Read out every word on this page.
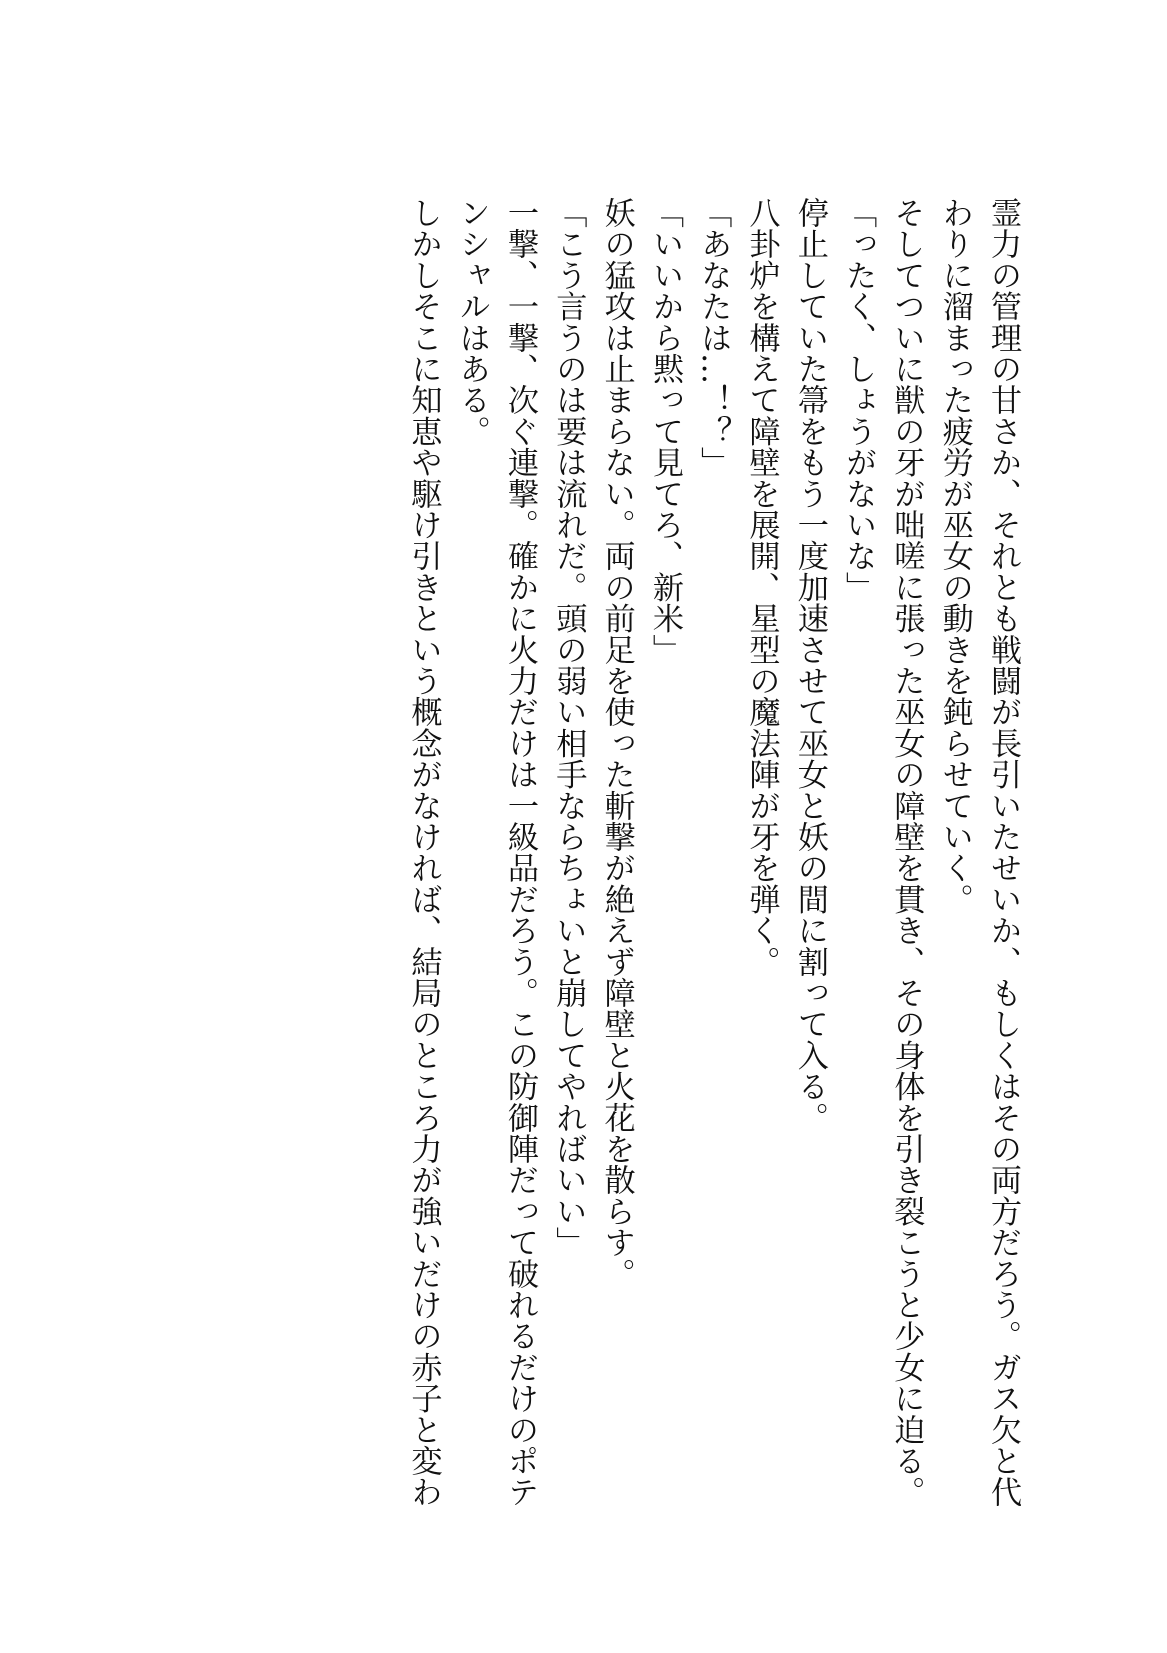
霊力の管理の甘さか、それとも戦闘が長引いたせいか、もしくはその両方だろう。ガス欠と代
わりに溜まった疲労が巫女の動きを鈍らせていく。
そしてついに獣の牙が咄嗟に張った巫女の障壁を貫き、その身体を引き裂こうと少女に迫る。
「ったく、しょうがないな」
停止していた箒をもう一度加速させて巫女と妖の間に割って入る。
八卦炉を構えて障壁を展開、星型の魔法陣が牙を弾く。
「あなたは…！？」
「いいから黙って見てろ、新米」
妖の猛攻は止まらない。両の前足を使った斬撃が絶えず障壁と火花を散らす。
「こう言うのは要は流れだ。頭の弱い相手ならちょいと崩してやればいい」
一撃、一撃、次ぐ連撃。確かに火力だけは一級品だろう。この防御陣だって破れるだけのポテ
ンシャルはある。
しかしそこに知恵や駆け引きという概念がなければ、結局のところ力が強いだけの赤子と変わ
